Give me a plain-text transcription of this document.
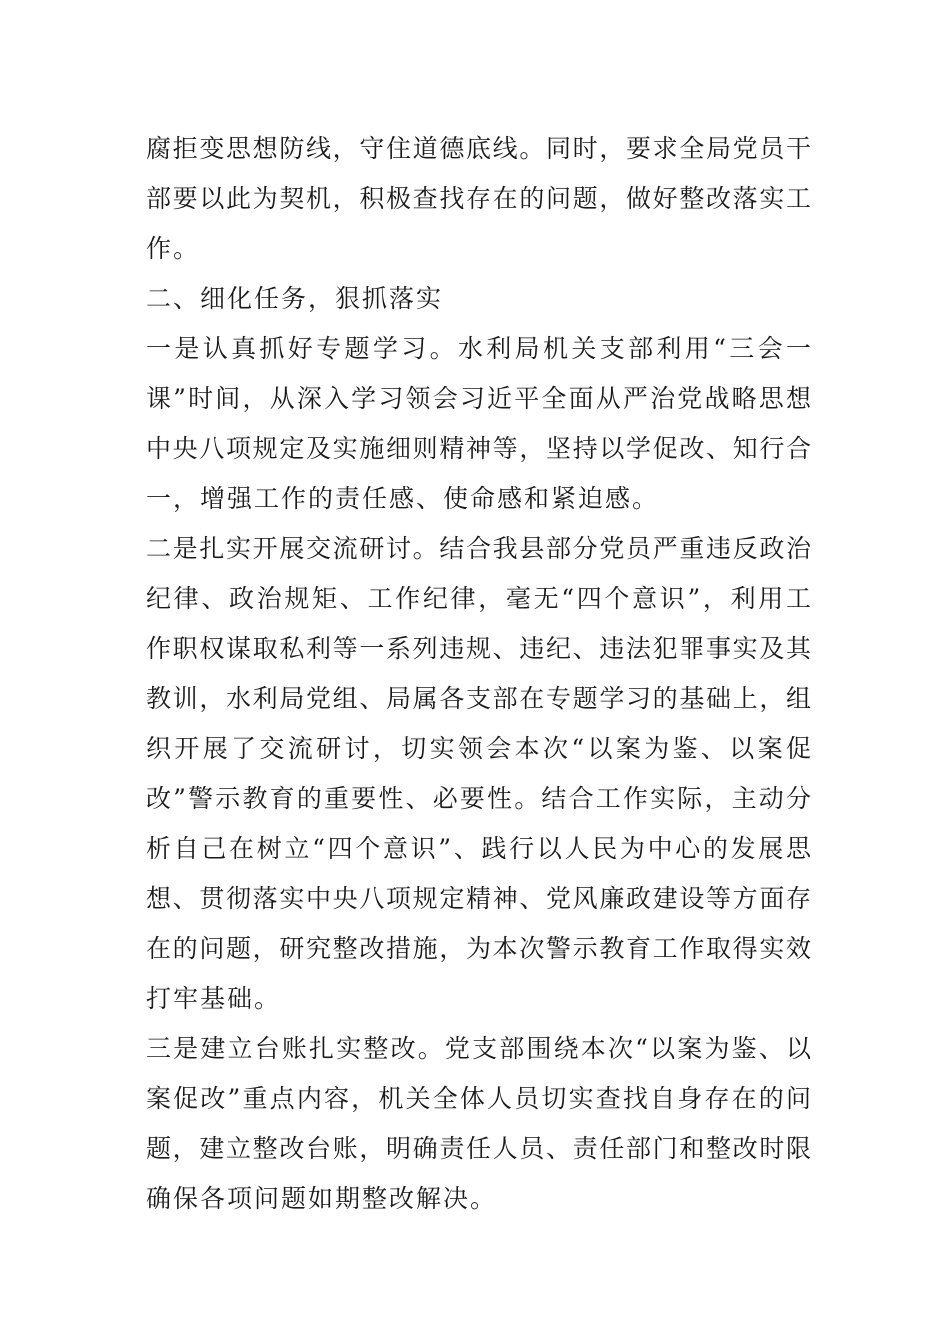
腐拒变思想防线，守住道德底线。同时，要求全局党员干
部要以此为契机，积极查找存在的问题，做好整改落实工
作。
二、细化任务，狠抓落实
一是认真抓好专题学习。水利局机关支部利用“三会一
课”时间，从深入学习领会习近平全面从严治党战略思想
中央八项规定及实施细则精神等，坚持以学促改、知行合
一，增强工作的责任感、使命感和紧迫感。
二是扎实开展交流研讨。结合我县部分党员严重违反政治
纪律、政治规矩、工作纪律，毫无“四个意识”，利用工
作职权谋取私利等一系列违规、违纪、违法犯罪事实及其
教训，水利局党组、局属各支部在专题学习的基础上，组
织开展了交流研讨，切实领会本次“以案为鉴、以案促
改”警示教育的重要性、必要性。结合工作实际，主动分
析自己在树立“四个意识”、践行以人民为中心的发展思
想、贯彻落实中央八项规定精神、党风廉政建设等方面存
在的问题，研究整改措施，为本次警示教育工作取得实效
打牢基础。
三是建立台账扎实整改。党支部围绕本次“以案为鉴、以
案促改”重点内容，机关全体人员切实查找自身存在的问
题，建立整改台账，明确责任人员、责任部门和整改时限
确保各项问题如期整改解决。
